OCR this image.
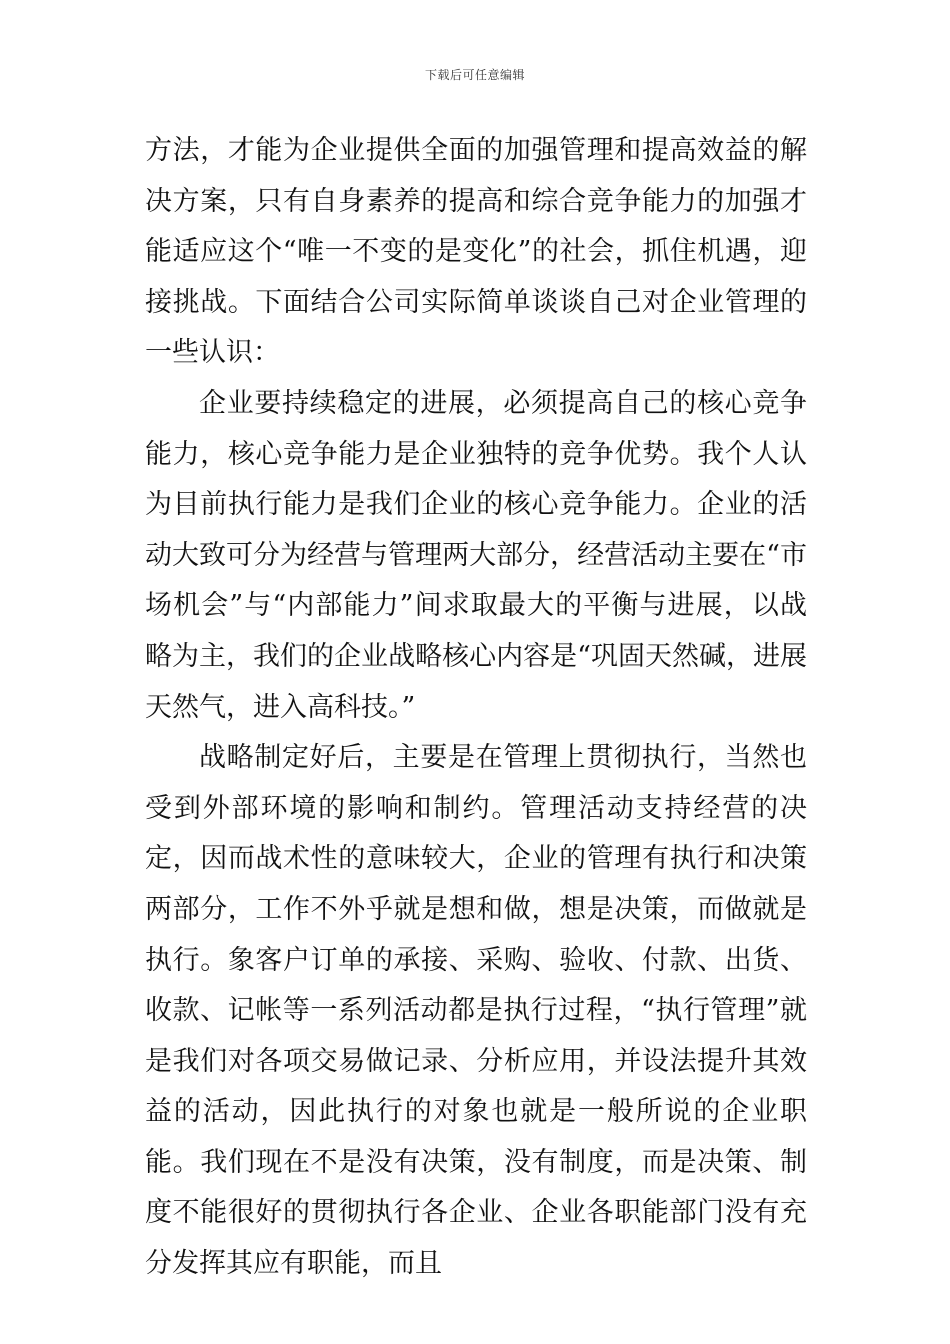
下载后可任意编辑

方法，才能为企业提供全面的加强管理和提高效益的解决方案，只有自身素养的提高和综合竞争能力的加强才能适应这个“唯一不变的是变化”的社会，抓住机遇，迎接挑战。下面结合公司实际简单谈谈自己对企业管理的一些认识：

企业要持续稳定的进展，必须提高自己的核心竞争能力，核心竞争能力是企业独特的竞争优势。我个人认为目前执行能力是我们企业的核心竞争能力。企业的活动大致可分为经营与管理两大部分，经营活动主要在“市场机会”与“内部能力”间求取最大的平衡与进展，以战略为主，我们的企业战略核心内容是“巩固天然碱，进展天然气，进入高科技。”

战略制定好后，主要是在管理上贯彻执行，当然也受到外部环境的影响和制约。管理活动支持经营的决定，因而战术性的意味较大，企业的管理有执行和决策两部分，工作不外乎就是想和做，想是决策，而做就是执行。象客户订单的承接、采购、验收、付款、出货、收款、记帐等一系列活动都是执行过程，“执行管理”就是我们对各项交易做记录、分析应用，并设法提升其效益的活动，因此执行的对象也就是一般所说的企业职能。我们现在不是没有决策，没有制度，而是决策、制度不能很好的贯彻执行各企业、企业各职能部门没有充分发挥其应有职能，而且
